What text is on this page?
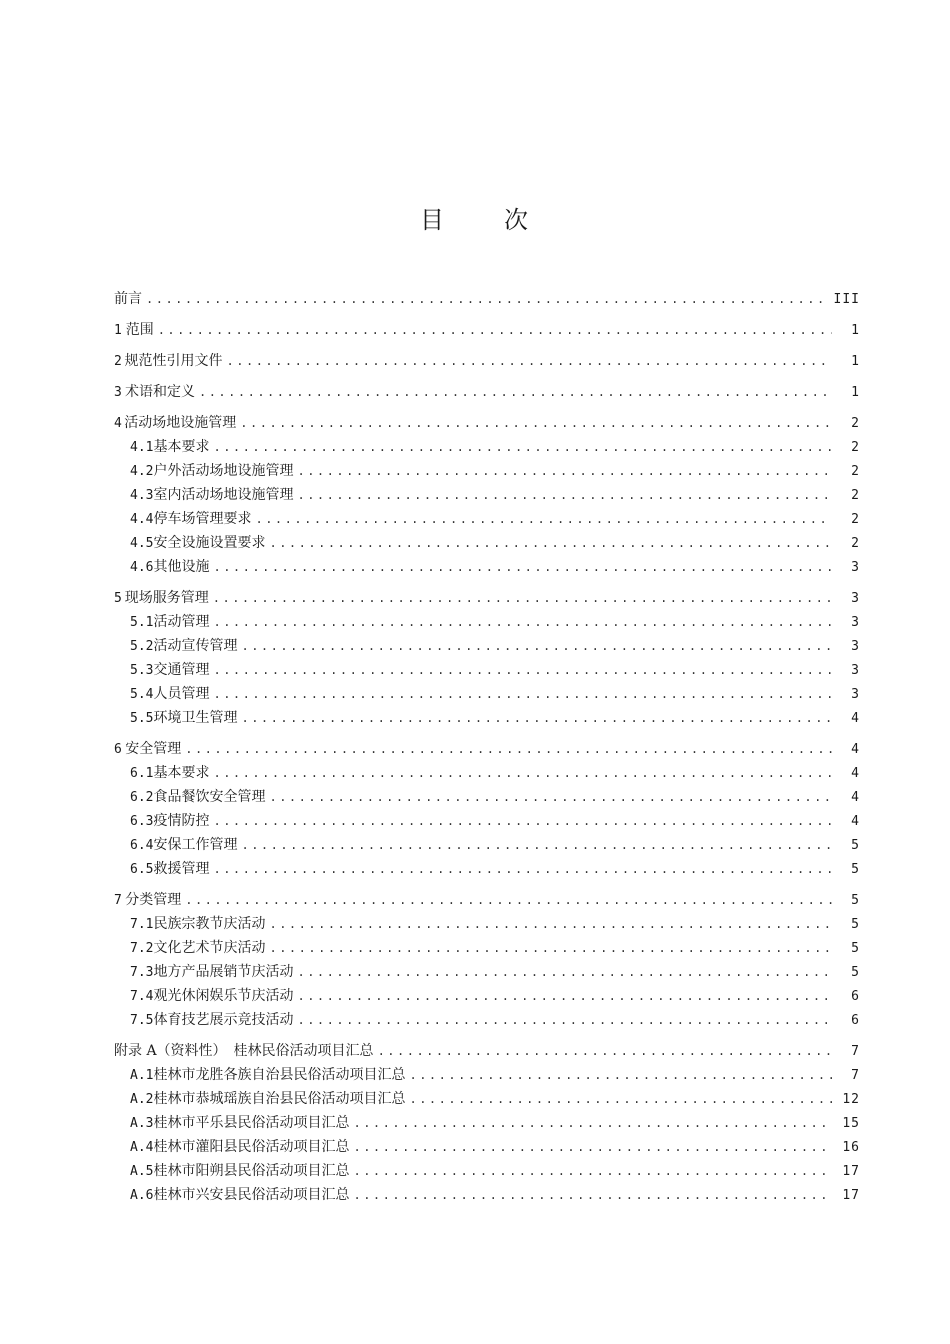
目 次
前言 .....	III
1 范围 .....	1
2 规范性引用文件 .....	1
3 术语和定义 .....	1
4 活动场地设施管理 .....	2
4.1 基本要求 .....	2
4.2 户外活动场地设施管理 .....	2
4.3 室内活动场地设施管理 .....	2
4.4 停车场管理要求 .....	2
4.5 安全设施设置要求 .....	2
4.6 其他设施 .....	3
5 现场服务管理 .....	3
5.1 活动管理 .....	3
5.2 活动宣传管理 .....	3
5.3 交通管理 .....	3
5.4 人员管理 .....	3
5.5 环境卫生管理 .....	4
6 安全管理 .....	4
6.1 基本要求 .....	4
6.2 食品餐饮安全管理 .....	4
6.3 疫情防控 .....	4
6.4 安保工作管理 .....	5
6.5 救援管理 .....	5
7 分类管理 .....	5
7.1 民族宗教节庆活动 .....	5
7.2 文化艺术节庆活动 .....	5
7.3 地方产品展销节庆活动 .....	5
7.4 观光休闲娱乐节庆活动 .....	6
7.5 体育技艺展示竞技活动 .....	6
附录 A（资料性）　桂林民俗活动项目汇总 .....	7
A.1 桂林市龙胜各族自治县民俗活动项目汇总 .....	7
A.2 桂林市恭城瑶族自治县民俗活动项目汇总 .....	12
A.3 桂林市平乐县民俗活动项目汇总 .....	15
A.4 桂林市灌阳县民俗活动项目汇总 .....	16
A.5 桂林市阳朔县民俗活动项目汇总 .....	17
A.6 桂林市兴安县民俗活动项目汇总 .....	17
